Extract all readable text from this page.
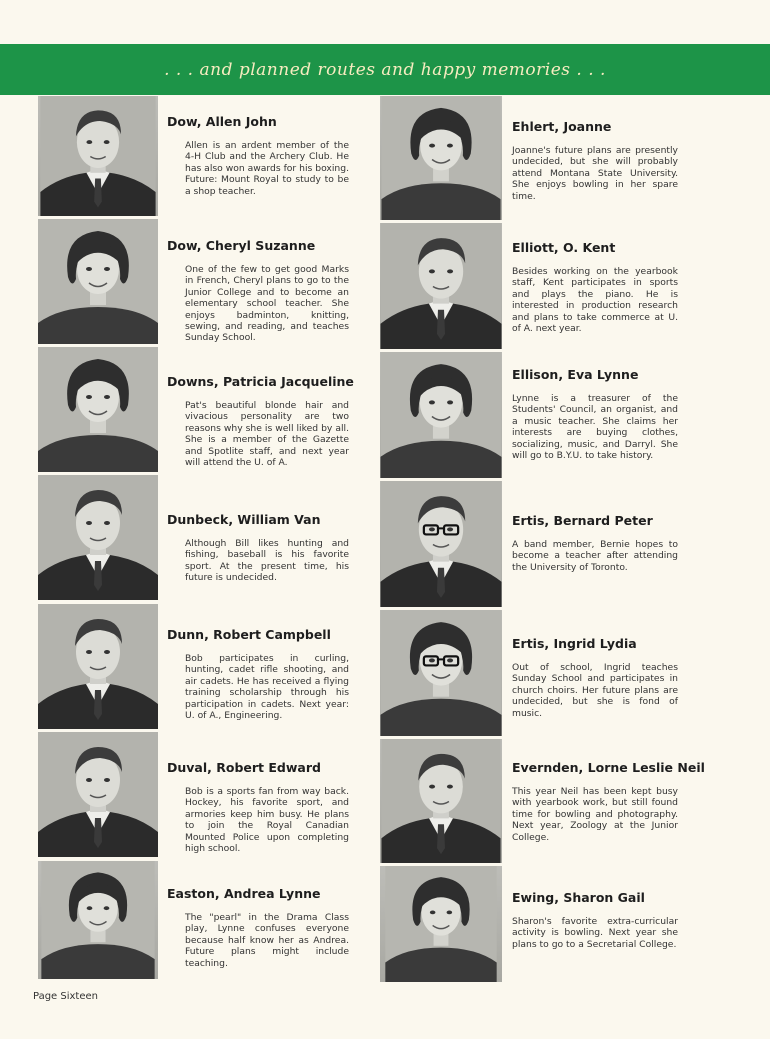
. . . and planned routes and happy memories . . .

Dow, Allen John

Allen is an ardent member of the 4-H Club and the Archery Club. He has also won awards for his boxing. Future: Mount Royal to study to be a shop teacher.

Dow, Cheryl Suzanne

One of the few to get good Marks in French, Cheryl plans to go to the Junior College and to become an elementary school teacher. She enjoys badminton, knitting, sewing, and reading, and teaches Sunday School.

Downs, Patricia Jacqueline

Pat's beautiful blonde hair and vivacious personality are two reasons why she is well liked by all. She is a member of the Gazette and Spotlite staff, and next year will attend the U. of A.

Dunbeck, William Van

Although Bill likes hunting and fishing, baseball is his favorite sport. At the present time, his future is undecided.

Dunn, Robert Campbell

Bob participates in curling, hunting, cadet rifle shooting, and air cadets. He has received a flying training scholarship through his participation in cadets. Next year: U. of A., Engineering.

Duval, Robert Edward

Bob is a sports fan from way back. Hockey, his favorite sport, and armories keep him busy. He plans to join the Royal Canadian Mounted Police upon completing high school.

Easton, Andrea Lynne

The "pearl" in the Drama Class play, Lynne confuses everyone because half know her as Andrea. Future plans might include teaching.

Ehlert, Joanne

Joanne's future plans are presently undecided, but she will probably attend Montana State University. She enjoys bowling in her spare time.

Elliott, O. Kent

Besides working on the yearbook staff, Kent participates in sports and plays the piano. He is interested in production research and plans to take commerce at U. of A. next year.

Ellison, Eva Lynne

Lynne is a treasurer of the Students' Council, an organist, and a music teacher. She claims her interests are buying clothes, socializing, music, and Darryl. She will go to B.Y.U. to take history.

Ertis, Bernard Peter

A band member, Bernie hopes to become a teacher after attending the University of Toronto.

Ertis, Ingrid Lydia

Out of school, Ingrid teaches Sunday School and participates in church choirs. Her future plans are undecided, but she is fond of music.

Evernden, Lorne Leslie Neil

This year Neil has been kept busy with yearbook work, but still found time for bowling and photography. Next year, Zoology at the Junior College.

Ewing, Sharon Gail

Sharon's favorite extra-curricular activity is bowling. Next year she plans to go to a Secretarial College.

Page Sixteen
